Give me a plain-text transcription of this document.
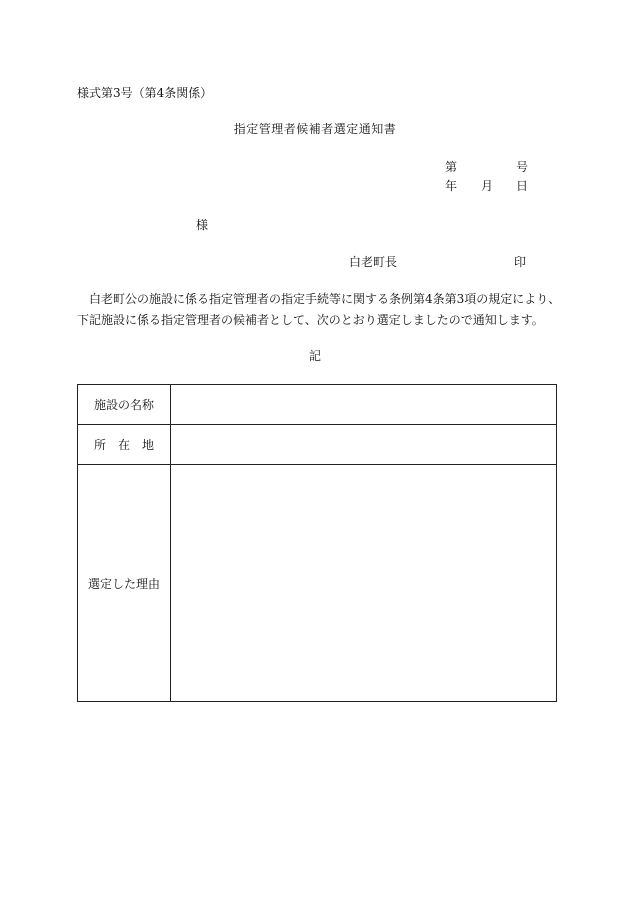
様式第3号（第4条関係）
指定管理者候補者選定通知書
第	号
年 月 日
様
白老町長	印
白老町公の施設に係る指定管理者の指定手続等に関する条例第4条第3項の規定により、
下記施設に係る指定管理者の候補者として、次のとおり選定しましたので通知します。
記
施設の名称	
所在地	
選定した理由	
